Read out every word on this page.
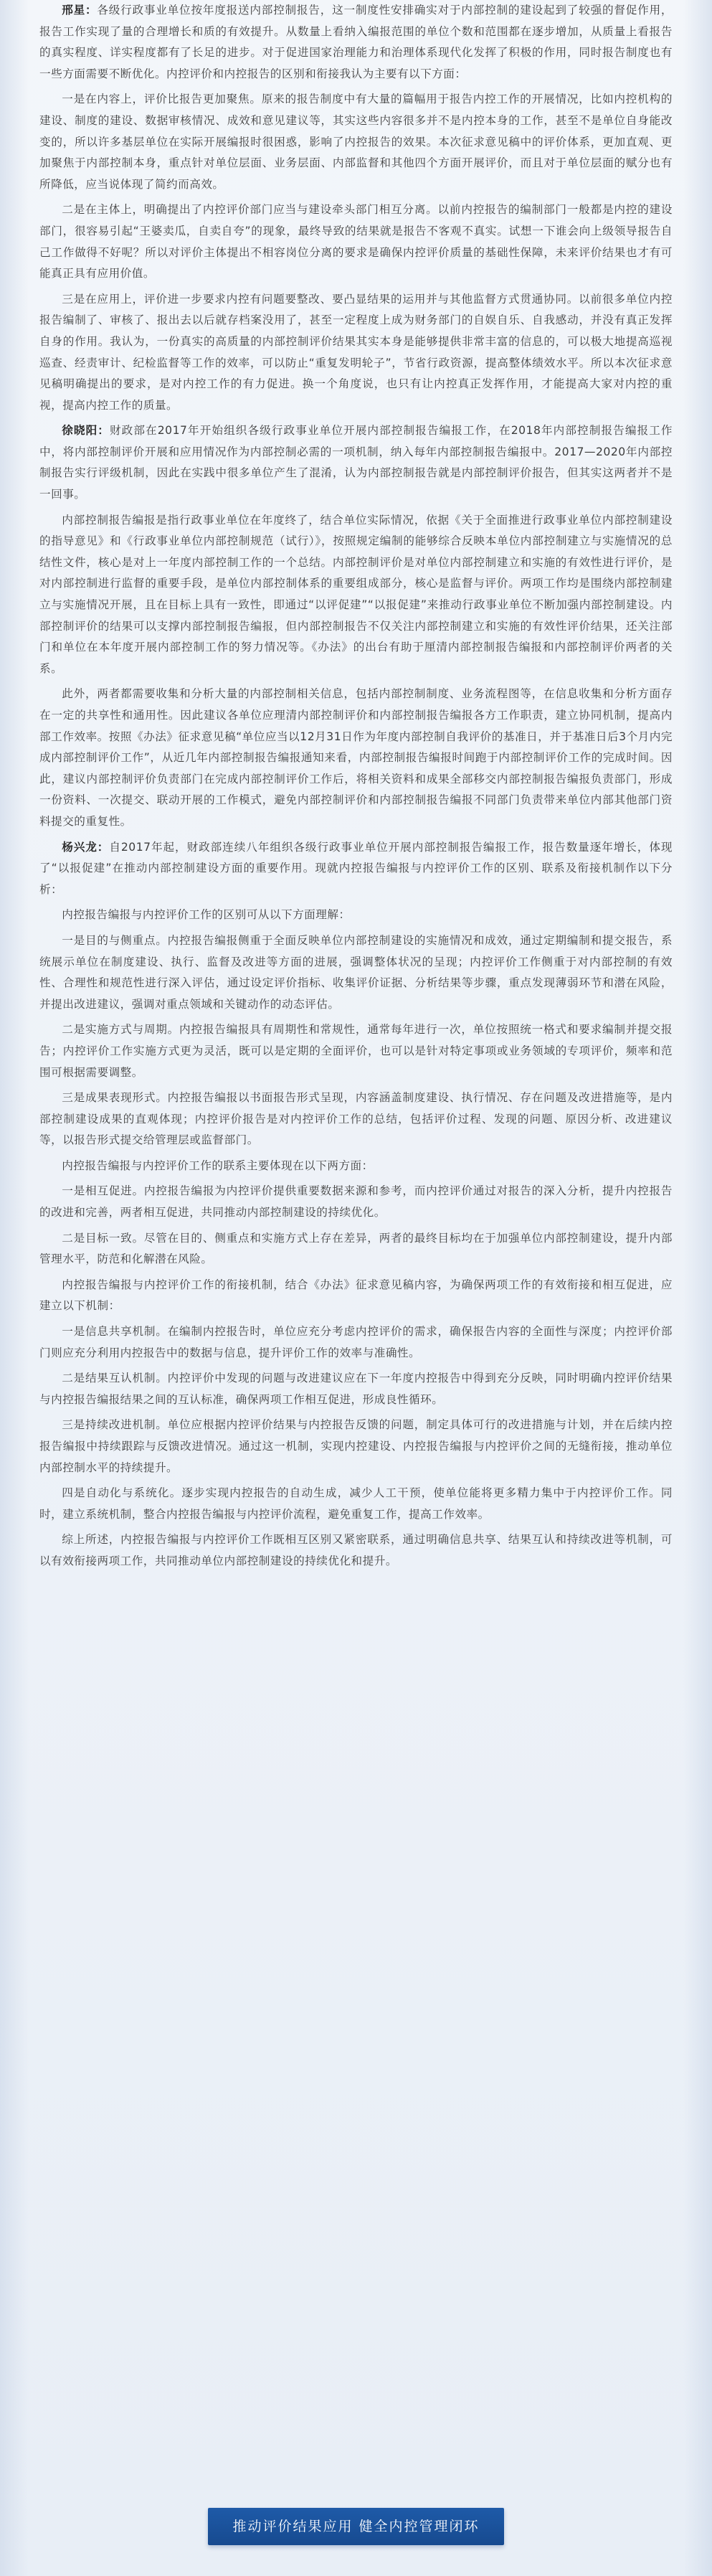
邢星：各级行政事业单位按年度报送内部控制报告，这一制度性安排确实对于内部控制的建设起到了较强的督促作用，报告工作实现了量的合理增长和质的有效提升。从数量上看纳入编报范围的单位个数和范围都在逐步增加，从质量上看报告的真实程度、详实程度都有了长足的进步。对于促进国家治理能力和治理体系现代化发挥了积极的作用，同时报告制度也有一些方面需要不断优化。内控评价和内控报告的区别和衔接我认为主要有以下方面：

一是在内容上，评价比报告更加聚焦。原来的报告制度中有大量的篇幅用于报告内控工作的开展情况，比如内控机构的建设、制度的建设、数据审核情况、成效和意见建议等，其实这些内容很多并不是内控本身的工作，甚至不是单位自身能改变的，所以许多基层单位在实际开展编报时很困惑，影响了内控报告的效果。本次征求意见稿中的评价体系，更加直观、更加聚焦于内部控制本身，重点针对单位层面、业务层面、内部监督和其他四个方面开展评价，而且对于单位层面的赋分也有所降低，应当说体现了简约而高效。

二是在主体上，明确提出了内控评价部门应当与建设牵头部门相互分离。以前内控报告的编制部门一般都是内控的建设部门，很容易引起“王婆卖瓜，自卖自夸”的现象，最终导致的结果就是报告不客观不真实。试想一下谁会向上级领导报告自己工作做得不好呢？所以对评价主体提出不相容岗位分离的要求是确保内控评价质量的基础性保障，未来评价结果也才有可能真正具有应用价值。

三是在应用上，评价进一步要求内控有问题要整改、要凸显结果的运用并与其他监督方式贯通协同。以前很多单位内控报告编制了、审核了、报出去以后就存档案没用了，甚至一定程度上成为财务部门的自娱自乐、自我感动，并没有真正发挥自身的作用。我认为，一份真实的高质量的内部控制评价结果其实本身是能够提供非常丰富的信息的，可以极大地提高巡视巡查、经责审计、纪检监督等工作的效率，可以防止“重复发明轮子”，节省行政资源，提高整体绩效水平。所以本次征求意见稿明确提出的要求，是对内控工作的有力促进。换一个角度说，也只有让内控真正发挥作用，才能提高大家对内控的重视，提高内控工作的质量。

徐晓阳：财政部在2017年开始组织各级行政事业单位开展内部控制报告编报工作，在2018年内部控制报告编报工作中，将内部控制评价开展和应用情况作为内部控制必需的一项机制，纳入每年内部控制报告编报中。2017—2020年内部控制报告实行评级机制，因此在实践中很多单位产生了混淆，认为内部控制报告就是内部控制评价报告，但其实这两者并不是一回事。

内部控制报告编报是指行政事业单位在年度终了，结合单位实际情况，依据《关于全面推进行政事业单位内部控制建设的指导意见》和《行政事业单位内部控制规范（试行）》，按照规定编制的能够综合反映本单位内部控制建立与实施情况的总结性文件，核心是对上一年度内部控制工作的一个总结。内部控制评价是对单位内部控制建立和实施的有效性进行评价，是对内部控制进行监督的重要手段，是单位内部控制体系的重要组成部分，核心是监督与评价。两项工作均是围绕内部控制建立与实施情况开展，且在目标上具有一致性，即通过“以评促建”“以报促建”来推动行政事业单位不断加强内部控制建设。内部控制评价的结果可以支撑内部控制报告编报，但内部控制报告不仅关注内部控制建立和实施的有效性评价结果，还关注部门和单位在本年度开展内部控制工作的努力情况等。《办法》的出台有助于厘清内部控制报告编报和内部控制评价两者的关系。

此外，两者都需要收集和分析大量的内部控制相关信息，包括内部控制制度、业务流程图等，在信息收集和分析方面存在一定的共享性和通用性。因此建议各单位应理清内部控制评价和内部控制报告编报各方工作职责，建立协同机制，提高内部工作效率。按照《办法》征求意见稿“单位应当以12月31日作为年度内部控制自我评价的基准日，并于基准日后3个月内完成内部控制评价工作”，从近几年内部控制报告编报通知来看，内部控制报告编报时间跑于内部控制评价工作的完成时间。因此，建议内部控制评价负责部门在完成内部控制评价工作后，将相关资料和成果全部移交内部控制报告编报负责部门，形成一份资料、一次提交、联动开展的工作模式，避免内部控制评价和内部控制报告编报不同部门负责带来单位内部其他部门资料提交的重复性。

杨兴龙：自2017年起，财政部连续八年组织各级行政事业单位开展内部控制报告编报工作，报告数量逐年增长，体现了“以报促建”在推动内部控制建设方面的重要作用。现就内控报告编报与内控评价工作的区别、联系及衔接机制作以下分析：

内控报告编报与内控评价工作的区别可从以下方面理解：

一是目的与侧重点。内控报告编报侧重于全面反映单位内部控制建设的实施情况和成效，通过定期编制和提交报告，系统展示单位在制度建设、执行、监督及改进等方面的进展，强调整体状况的呈现；内控评价工作侧重于对内部控制的有效性、合理性和规范性进行深入评估，通过设定评价指标、收集评价证据、分析结果等步骤，重点发现薄弱环节和潜在风险，并提出改进建议，强调对重点领域和关键动作的动态评估。

二是实施方式与周期。内控报告编报具有周期性和常规性，通常每年进行一次，单位按照统一格式和要求编制并提交报告；内控评价工作实施方式更为灵活，既可以是定期的全面评价，也可以是针对特定事项或业务领域的专项评价，频率和范围可根据需要调整。

三是成果表现形式。内控报告编报以书面报告形式呈现，内容涵盖制度建设、执行情况、存在问题及改进措施等，是内部控制建设成果的直观体现；内控评价报告是对内控评价工作的总结，包括评价过程、发现的问题、原因分析、改进建议等，以报告形式提交给管理层或监督部门。

内控报告编报与内控评价工作的联系主要体现在以下两方面：

一是相互促进。内控报告编报为内控评价提供重要数据来源和参考，而内控评价通过对报告的深入分析，提升内控报告的改进和完善，两者相互促进，共同推动内部控制建设的持续优化。

二是目标一致。尽管在目的、侧重点和实施方式上存在差异，两者的最终目标均在于加强单位内部控制建设，提升内部管理水平，防范和化解潜在风险。

内控报告编报与内控评价工作的衔接机制，结合《办法》征求意见稿内容，为确保两项工作的有效衔接和相互促进，应建立以下机制：

一是信息共享机制。在编制内控报告时，单位应充分考虑内控评价的需求，确保报告内容的全面性与深度；内控评价部门则应充分利用内控报告中的数据与信息，提升评价工作的效率与准确性。

二是结果互认机制。内控评价中发现的问题与改进建议应在下一年度内控报告中得到充分反映，同时明确内控评价结果与内控报告编报结果之间的互认标准，确保两项工作相互促进，形成良性循环。

三是持续改进机制。单位应根据内控评价结果与内控报告反馈的问题，制定具体可行的改进措施与计划，并在后续内控报告编报中持续跟踪与反馈改进情况。通过这一机制，实现内控建设、内控报告编报与内控评价之间的无缝衔接，推动单位内部控制水平的持续提升。

四是自动化与系统化。逐步实现内控报告的自动生成，减少人工干预，使单位能将更多精力集中于内控评价工作。同时，建立系统机制，整合内控报告编报与内控评价流程，避免重复工作，提高工作效率。

综上所述，内控报告编报与内控评价工作既相互区别又紧密联系，通过明确信息共享、结果互认和持续改进等机制，可以有效衔接两项工作，共同推动单位内部控制建设的持续优化和提升。

推动评价结果应用 健全内控管理闭环
